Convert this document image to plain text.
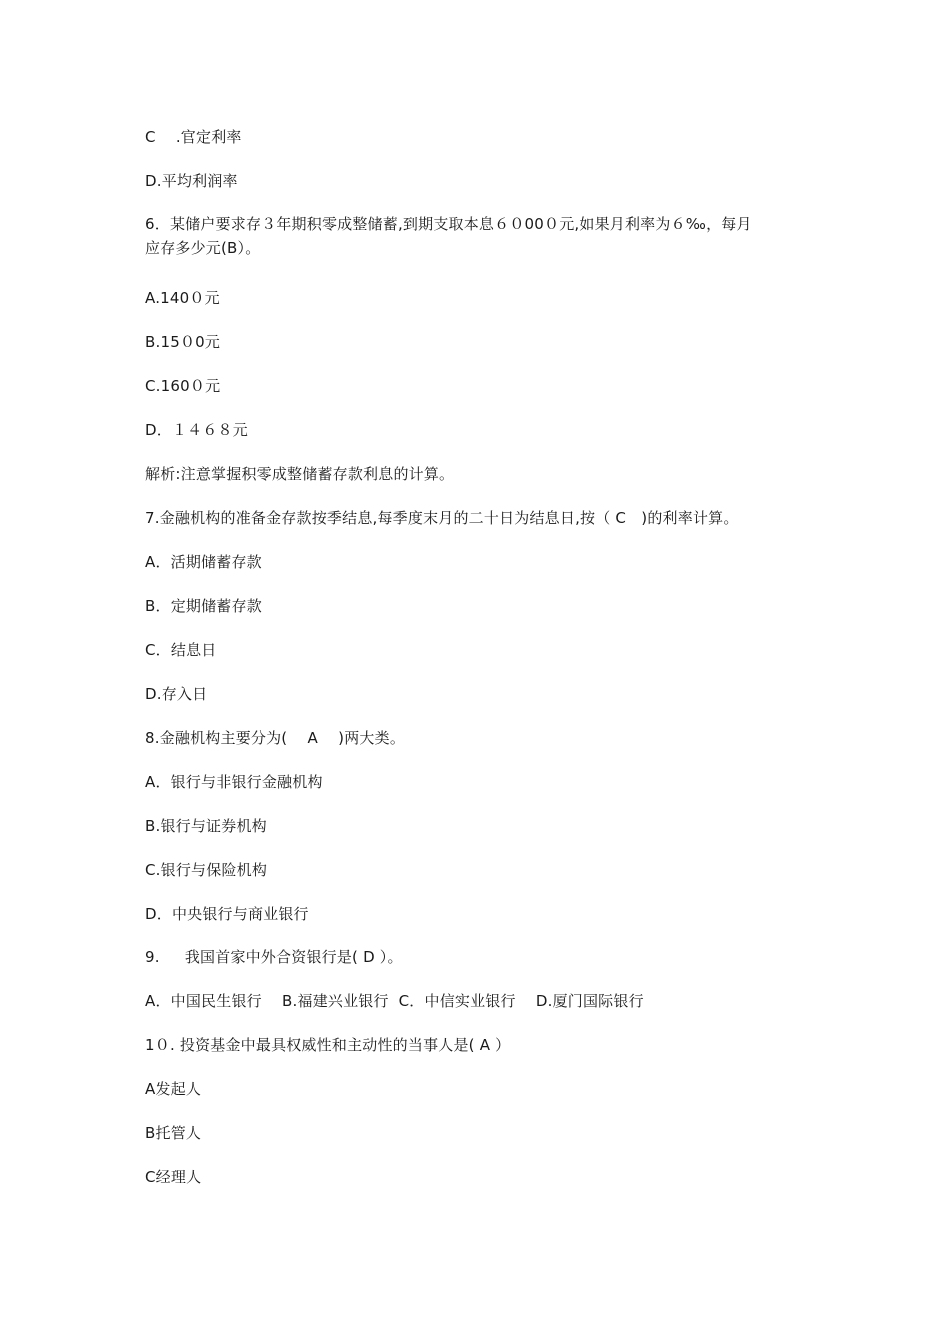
C　 .官定利率
D.平均利润率
6．某储户要求存３年期积零成整储蓄,到期支取本息６０00０元,如果月利率为６‰，每月
应存多少元(B）。
A.140０元
B.15０0元
C.160０元
D．１４６８元
解析:注意掌握积零成整储蓄存款利息的计算。
7.金融机构的准备金存款按季结息,每季度末月的二十日为结息日,按（ C　)的利率计算。
A．活期储蓄存款
B．定期储蓄存款
C．结息日
D.存入日
8.金融机构主要分为(　 A 　)两大类。
A．银行与非银行金融机构
B.银行与证券机构
C.银行与保险机构
D．中央银行与商业银行
9.　  我国首家中外合资银行是( D ）。
A．中国民生银行　 B.福建兴业银行  C．中信实业银行　 D.厦门国际银行
1０. 投资基金中最具权威性和主动性的当事人是( A ）
A发起人
B托管人
C经理人
